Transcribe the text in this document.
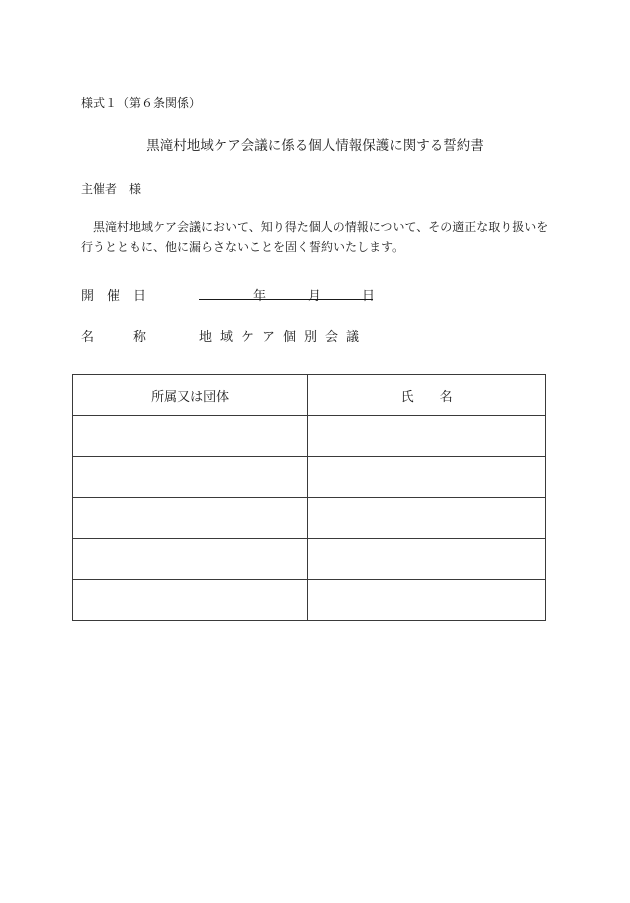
様式１（第６条関係）
黒滝村地域ケア会議に係る個人情報保護に関する誓約書
主催者　様
黒滝村地域ケア会議において、知り得た個人の情報について、その適正な取り扱いを行うとともに、他に漏らさないことを固く誓約いたします。
開　催　日	年	月	日
名　　　称	地域ケア個別会議
所属又は団体	氏名
